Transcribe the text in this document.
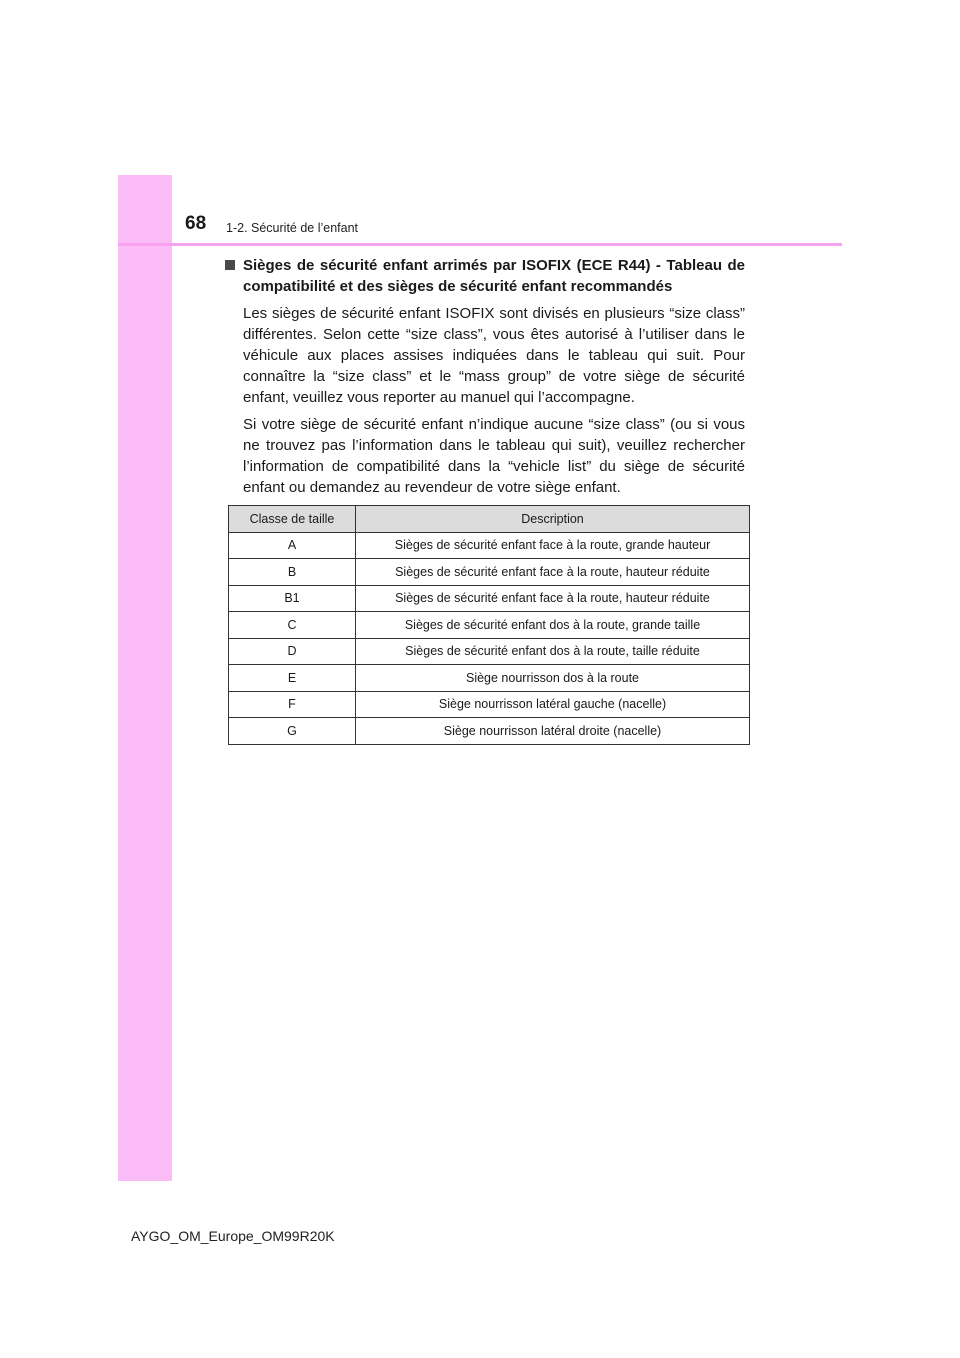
68 1-2. Sécurité de l’enfant

Sièges de sécurité enfant arrimés par ISOFIX (ECE R44) - Tableau de compatibilité et des sièges de sécurité enfant recommandés

Les sièges de sécurité enfant ISOFIX sont divisés en plusieurs “size class” différentes. Selon cette “size class”, vous êtes autorisé à l’utiliser dans le véhicule aux places assises indiquées dans le tableau qui suit. Pour connaître la “size class” et le “mass group” de votre siège de sécurité enfant, veuillez vous reporter au manuel qui l’accompagne.

Si votre siège de sécurité enfant n’indique aucune “size class” (ou si vous ne trouvez pas l’information dans le tableau qui suit), veuillez rechercher l’information de compatibilité dans la “vehicle list” du siège de sécurité enfant ou demandez au revendeur de votre siège enfant.

Classe de taille	Description
A	Sièges de sécurité enfant face à la route, grande hauteur
B	Sièges de sécurité enfant face à la route, hauteur réduite
B1	Sièges de sécurité enfant face à la route, hauteur réduite
C	Sièges de sécurité enfant dos à la route, grande taille
D	Sièges de sécurité enfant dos à la route, taille réduite
E	Siège nourrisson dos à la route
F	Siège nourrisson latéral gauche (nacelle)
G	Siège nourrisson latéral droite (nacelle)
AYGO_OM_Europe_OM99R20K
